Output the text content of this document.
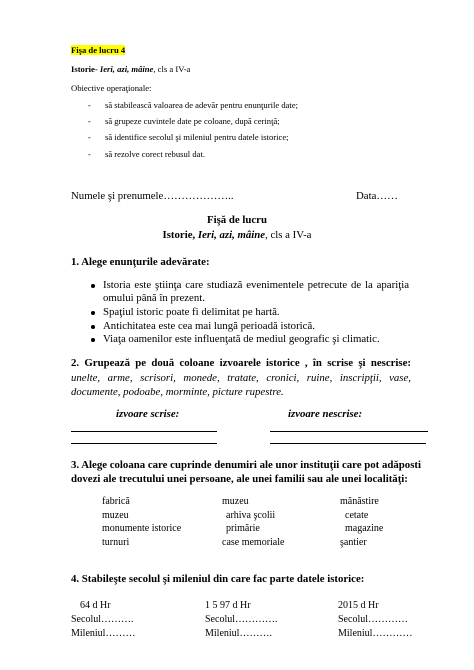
Fişa de lucru 4
Istorie- Ieri, azi, mâine, cls a IV-a
Obiective operaţionale:
- să stabilească valoarea de adevăr pentru enunţurile date;
- să grupeze cuvintele date pe coloane, după cerinţă;
- să identifice secolul şi mileniul pentru datele istorice;
- să rezolve corect rebusul dat.
Numele şi prenumele………………..	Data……
Fişă de lucru
Istorie, Ieri, azi, mâine, cls a IV-a
1. Alege enunţurile adevărate:
Istoria este ştiinţa care studiază evenimentele petrecute de la apariţia omului până în prezent.
Spaţiul istoric poate fi delimitat pe hartă.
Antichitatea este cea mai lungă perioadă istorică.
Viaţa oamenilor este influenţată de mediul geografic şi climatic.
2. Grupează pe două coloane izvoarele istorice , în scrise şi nescrise: unelte, arme, scrisori, monede, tratate, cronici, ruine, inscripţii, vase, documente, podoabe, morminte, picture rupestre.
izvoare scrise:	izvoare nescrise:
3. Alege coloana care cuprinde denumiri ale unor instituţii care pot adăposti dovezi ale trecutului unei persoane, ale unei familii sau ale unei localităţi:
fabrică
muzeu
monumente istorice
turnuri
muzeu
arhiva şcolii
primărie
case memoriale
mănăstire
cetate
magazine
şantier
4. Stabileşte secolul şi mileniul din care fac parte datele istorice:
64 d Hr
Secolul……….
Mileniul………
1 5 97 d Hr
Secolul………….
Mileniul……….
2015 d Hr
Secolul…………
Mileniul…………
